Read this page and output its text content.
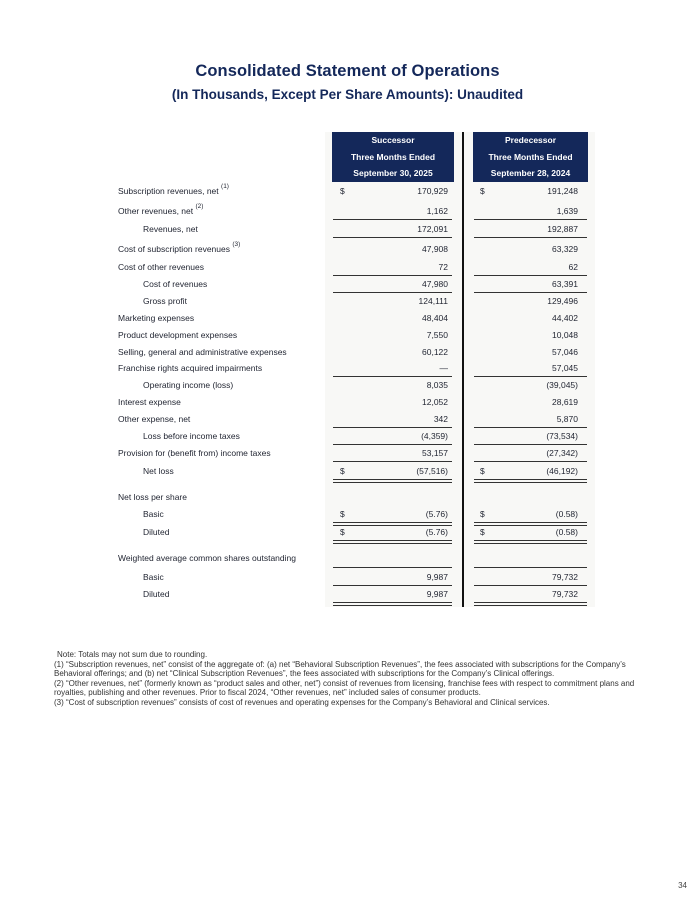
Consolidated Statement of Operations
(In Thousands, Except Per Share Amounts): Unaudited
Successor
Three Months Ended
September 30, 2025
Predecessor
Three Months Ended
September 28, 2024
Subscription revenues, net $^{(1)}$	$	170,929	$	191,248
Other revenues, net $^{(2)}$	1,162	1,639
Revenues, net	172,091	192,887
Cost of subscription revenues $^{(3)}$	47,908	63,329
Cost of other revenues	72	62
Cost of revenues	47,980	63,391
Gross profit	124,111	129,496
Marketing expenses	48,404	44,402
Product development expenses	7,550	10,048
Selling, general and administrative expenses	60,122	57,046
Franchise rights acquired impairments	—	57,045
Operating income (loss)	8,035	(39,045)
Interest expense	12,052	28,619
Other expense, net	342	5,870
Loss before income taxes	(4,359)	(73,534)
Provision for (benefit from) income taxes	53,157	(27,342)
Net loss	$	(57,516)	$	(46,192)
Net loss per share
Basic	$	(5.76)	$	(0.58)
Diluted	$	(5.76)	$	(0.58)
Weighted average common shares outstanding
Basic	9,987	79,732
Diluted	9,987	79,732

Note: Totals may not sum due to rounding.

(1) “Subscription revenues, net” consist of the aggregate of: (a) net “Behavioral Subscription Revenues”, the fees associated with subscriptions for the Company’s Behavioral offerings; and (b) net “Clinical Subscription Revenues”, the fees associated with subscriptions for the Company’s Clinical offerings.

(2) “Other revenues, net” (formerly known as “product sales and other, net”) consist of revenues from licensing, franchise fees with respect to commitment plans and royalties, publishing and other revenues. Prior to fiscal 2024, “Other revenues, net” included sales of consumer products.

(3) “Cost of subscription revenues” consists of cost of revenues and operating expenses for the Company’s Behavioral and Clinical services.

34
